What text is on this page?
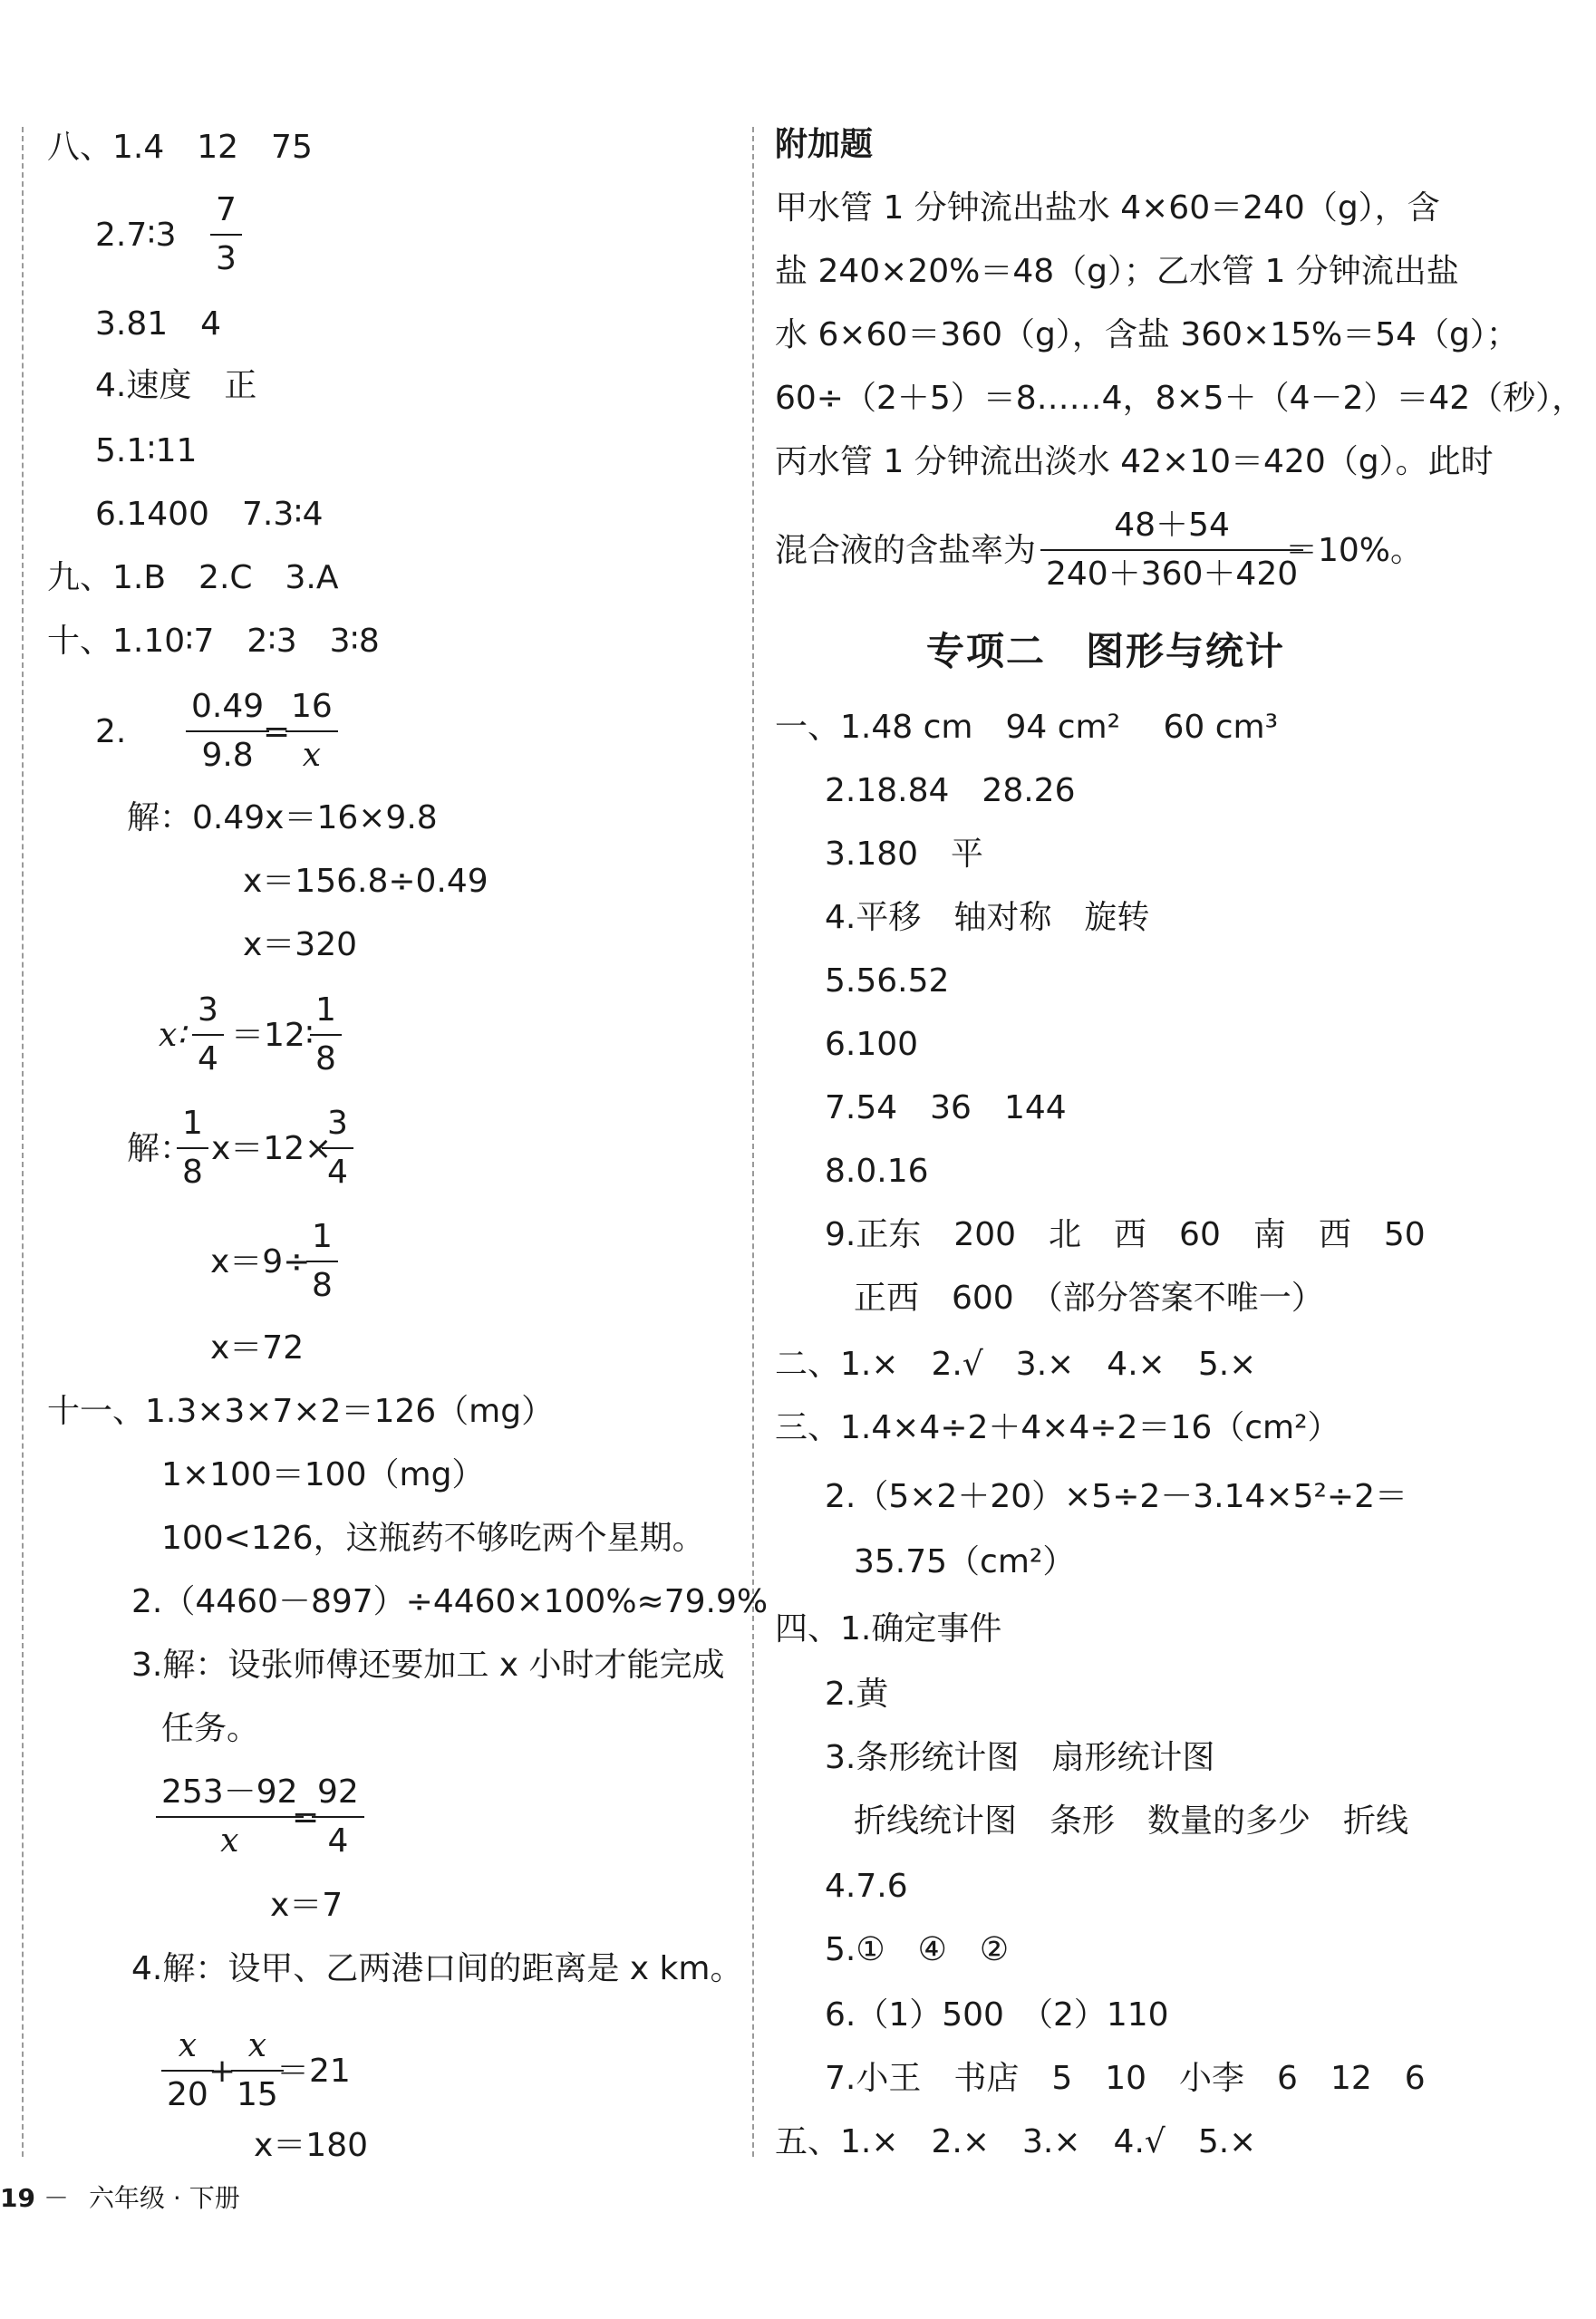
八、1.4　12　75
2.7∶3
7
3
3.81　4
4.速度　正
5.1∶11
6.1400　7.3∶4
九、1.B　2.C　3.A
十、1.10∶7　2∶3　3∶8
2.
0.49
9.8
=
16
x
解：0.49x＝16×9.8
x＝156.8÷0.49
x＝320
x∶
3
4
＝12∶
1
8
解：
1
8
x＝12×
3
4
x＝9÷
1
8
x＝72
十一、1.3×3×7×2＝126（mg）
1×100＝100（mg）
100<126，这瓶药不够吃两个星期。
2.（4460－897）÷4460×100%≈79.9%
3.解：设张师傅还要加工 x 小时才能完成
任务。
253－92
x
=
92
4
x＝7
4.解：设甲、乙两港口间的距离是 x km。
x
20
+
x
15
＝21
x＝180
附加题
甲水管 1 分钟流出盐水 4×60＝240（g），含
盐 240×20%＝48（g）；乙水管 1 分钟流出盐
水 6×60＝360（g），含盐 360×15%＝54（g）；
60÷（2＋5）＝8……4，8×5＋（4－2）＝42（秒），
丙水管 1 分钟流出淡水 42×10＝420（g）。此时
混合液的含盐率为
48＋54
240＋360＋420
＝10%。
专项二　图形与统计
一、1.48 cm　94 cm² 　60 cm³
2.18.84　28.26
3.180　平
4.平移　轴对称　旋转
5.56.52
6.100
7.54　36　144
8.0.16
9.正东　200　北　西　60　南　西　50
正西　600　（部分答案不唯一）
二、1.×　2.√　3.×　4.×　5.×
三、1.4×4÷2＋4×4÷2＝16（cm²）
2.（5×2＋20）×5÷2－3.14×5²÷2＝
35.75（cm²）
四、1.确定事件
2.黄
3.条形统计图　扇形统计图
折线统计图　条形　数量的多少　折线
4.7.6
5.①　④　②
6.（1）500　（2）110
7.小王　书店　5　10　小李　6　12　6
五、1.×　2.×　3.×　4.√　5.×
19 － 六年级 · 下册
